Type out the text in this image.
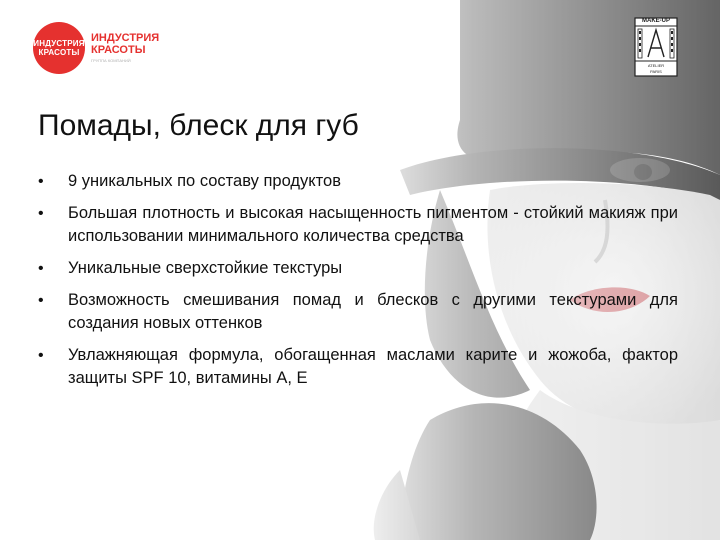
ИНДУСТРИЯ КРАСОТЫ
ИНДУСТРИЯ
КРАСОТЫ
ГРУППА КОМПАНИЙ
MAKE-UP
ATELIER
PARIS
Помады, блеск для губ
• 9 уникальных по составу продуктов
• Большая плотность и высокая насыщенность пигментом - стойкий макияж при использовании минимального количества средства
• Уникальные сверхстойкие текстуры
• Возможность смешивания помад и блесков с другими текстурами для создания новых оттенков
• Увлажняющая формула, обогащенная маслами карите и жожоба, фактор защиты SPF 10, витамины А, Е
